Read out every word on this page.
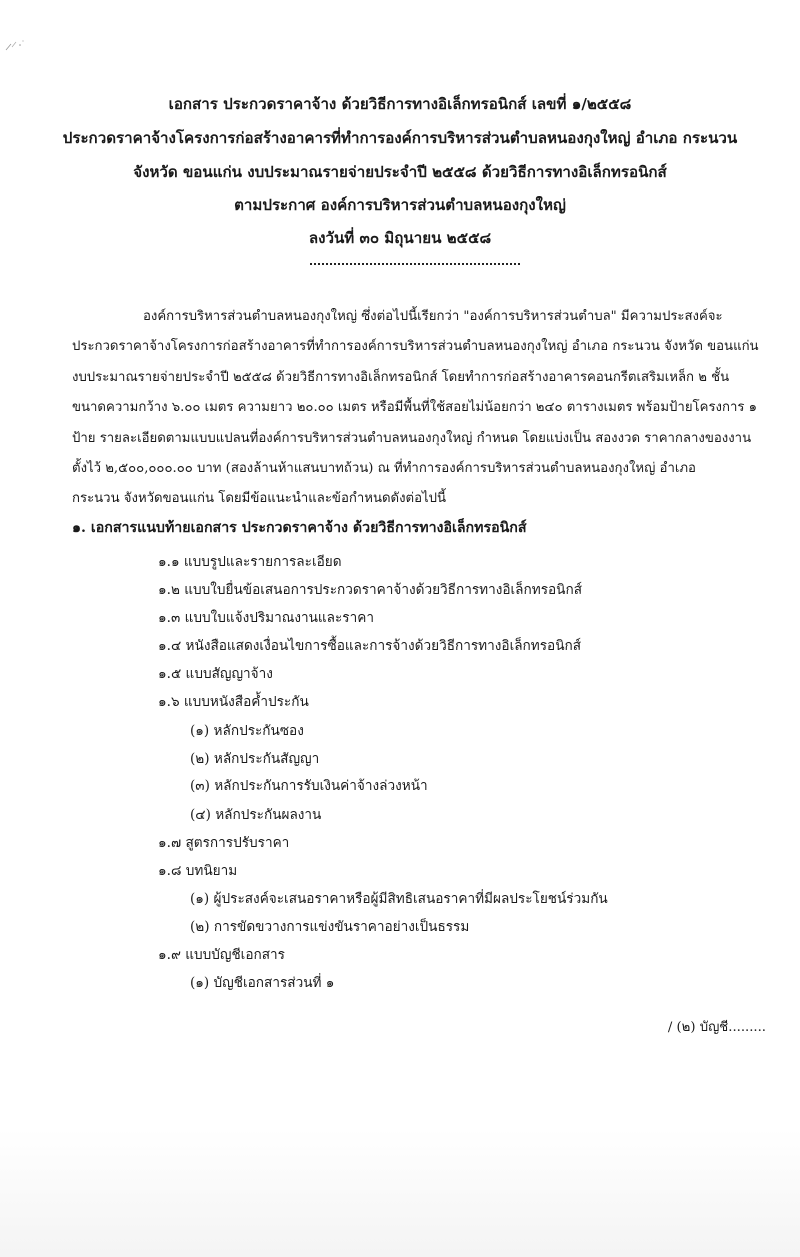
เอกสาร ประกวดราคาจ้าง ด้วยวิธีการทางอิเล็กทรอนิกส์ เลขที่ ๑/๒๕๕๘
ประกวดราคาจ้างโครงการก่อสร้างอาคารที่ทำการองค์การบริหารส่วนตำบลหนองกุงใหญ่ อำเภอ กระนวน
จังหวัด ขอนแก่น งบประมาณรายจ่ายประจำปี ๒๕๕๘ ด้วยวิธีการทางอิเล็กทรอนิกส์
ตามประกาศ องค์การบริหารส่วนตำบลหนองกุงใหญ่
ลงวันที่ ๓๐ มิถุนายน ๒๕๕๘
องค์การบริหารส่วนตำบลหนองกุงใหญ่ ซึ่งต่อไปนี้เรียกว่า "องค์การบริหารส่วนตำบล" มีความประสงค์จะ
ประกวดราคาจ้างโครงการก่อสร้างอาคารที่ทำการองค์การบริหารส่วนตำบลหนองกุงใหญ่ อำเภอ กระนวน จังหวัด ขอนแก่น
งบประมาณรายจ่ายประจำปี ๒๕๕๘ ด้วยวิธีการทางอิเล็กทรอนิกส์ โดยทำการก่อสร้างอาคารคอนกรีตเสริมเหล็ก ๒ ชั้น
ขนาดความกว้าง ๖.๐๐ เมตร ความยาว ๒๐.๐๐ เมตร หรือมีพื้นที่ใช้สอยไม่น้อยกว่า ๒๔๐ ตารางเมตร พร้อมป้ายโครงการ ๑
ป้าย รายละเอียดตามแบบแปลนที่องค์การบริหารส่วนตำบลหนองกุงใหญ่ กำหนด โดยแบ่งเป็น สองงวด ราคากลางของงาน
ตั้งไว้ ๒,๕๐๐,๐๐๐.๐๐ บาท (สองล้านห้าแสนบาทถ้วน) ณ ที่ทำการองค์การบริหารส่วนตำบลหนองกุงใหญ่ อำเภอ
กระนวน จังหวัดขอนแก่น โดยมีข้อแนะนำและข้อกำหนดดังต่อไปนี้
๑. เอกสารแนบท้ายเอกสาร ประกวดราคาจ้าง ด้วยวิธีการทางอิเล็กทรอนิกส์
๑.๑ แบบรูปและรายการละเอียด
๑.๒ แบบใบยื่นข้อเสนอการประกวดราคาจ้างด้วยวิธีการทางอิเล็กทรอนิกส์
๑.๓ แบบใบแจ้งปริมาณงานและราคา
๑.๔ หนังสือแสดงเงื่อนไขการซื้อและการจ้างด้วยวิธีการทางอิเล็กทรอนิกส์
๑.๕ แบบสัญญาจ้าง
๑.๖ แบบหนังสือค้ำประกัน
(๑) หลักประกันซอง
(๒) หลักประกันสัญญา
(๓) หลักประกันการรับเงินค่าจ้างล่วงหน้า
(๔) หลักประกันผลงาน
๑.๗ สูตรการปรับราคา
๑.๘ บทนิยาม
(๑) ผู้ประสงค์จะเสนอราคาหรือผู้มีสิทธิเสนอราคาที่มีผลประโยชน์ร่วมกัน
(๒) การขัดขวางการแข่งขันราคาอย่างเป็นธรรม
๑.๙ แบบบัญชีเอกสาร
(๑) บัญชีเอกสารส่วนที่ ๑
/ (๒) บัญชี.........
